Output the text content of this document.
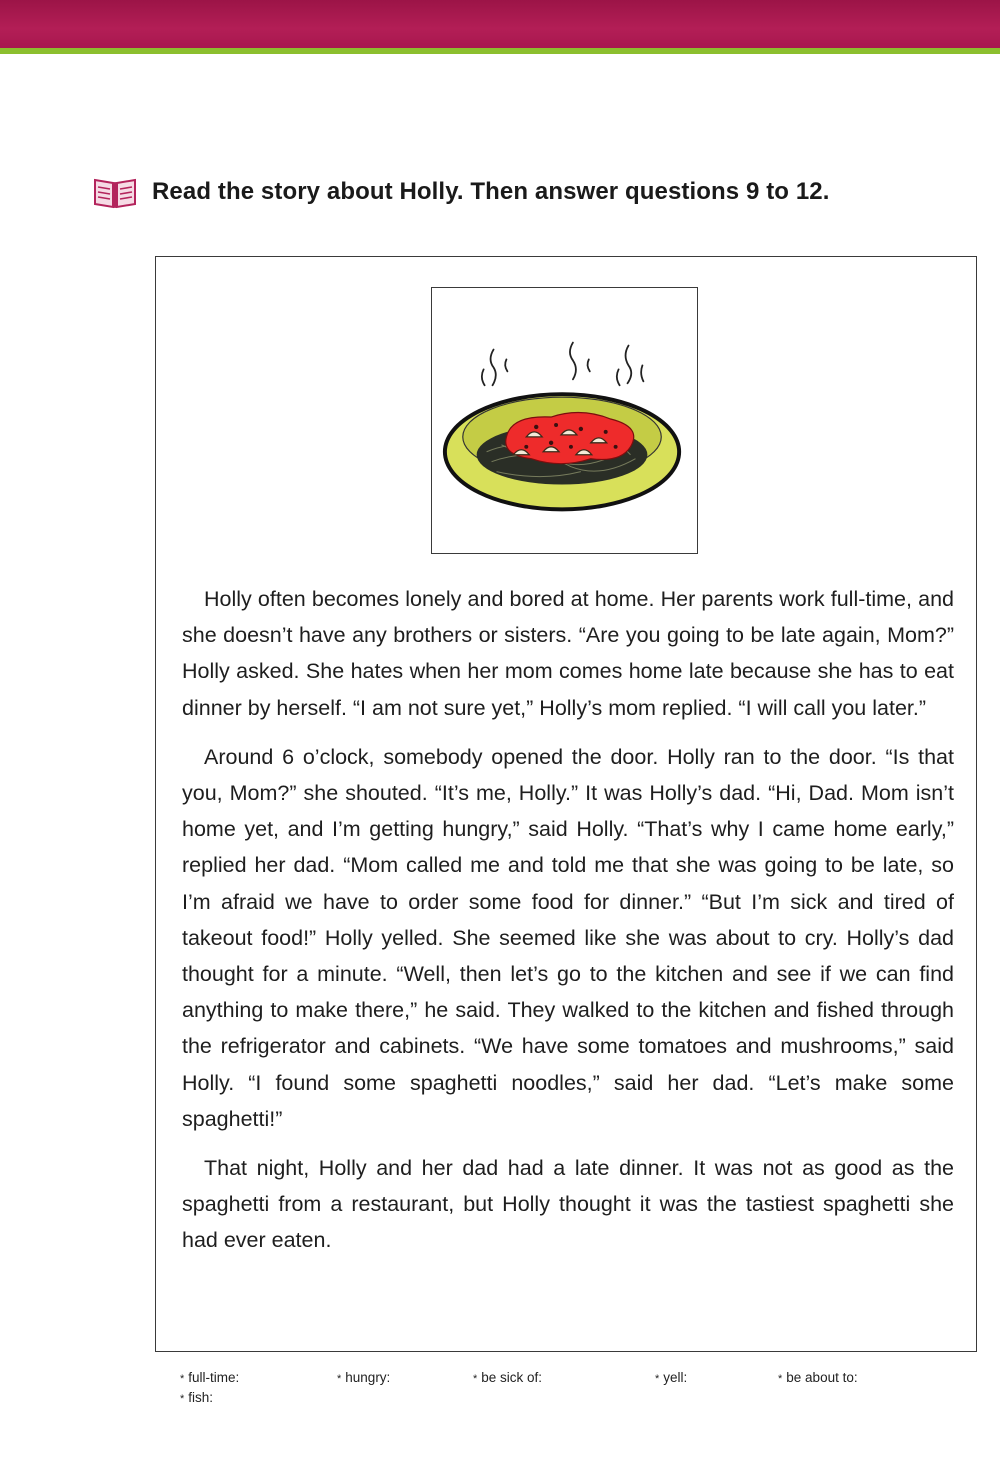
Read the story about Holly. Then answer questions 9 to 12.

Holly often becomes lonely and bored at home. Her parents work full-time, and she doesn’t have any brothers or sisters. “Are you going to be late again, Mom?” Holly asked. She hates when her mom comes home late because she has to eat dinner by herself. “I am not sure yet,” Holly’s mom replied. “I will call you later.”

Around 6 o’clock, somebody opened the door. Holly ran to the door. “Is that you, Mom?” she shouted. “It’s me, Holly.” It was Holly’s dad. “Hi, Dad. Mom isn’t home yet, and I’m getting hungry,” said Holly. “That’s why I came home early,” replied her dad. “Mom called me and told me that she was going to be late, so I’m afraid we have to order some food for dinner.” “But I’m sick and tired of takeout food!” Holly yelled. She seemed like she was about to cry. Holly’s dad thought for a minute. “Well, then let’s go to the kitchen and see if we can find anything to make there,” he said. They walked to the kitchen and fished through the refrigerator and cabinets. “We have some tomatoes and mushrooms,” said Holly. “I found some spaghetti noodles,” said her dad. “Let’s make some spaghetti!”

That night, Holly and her dad had a late dinner. It was not as good as the spaghetti from a restaurant, but Holly thought it was the tastiest spaghetti she had ever eaten.

* full-time:	* hungry:	* be sick of:	* yell:	* be about to:
* fish:
